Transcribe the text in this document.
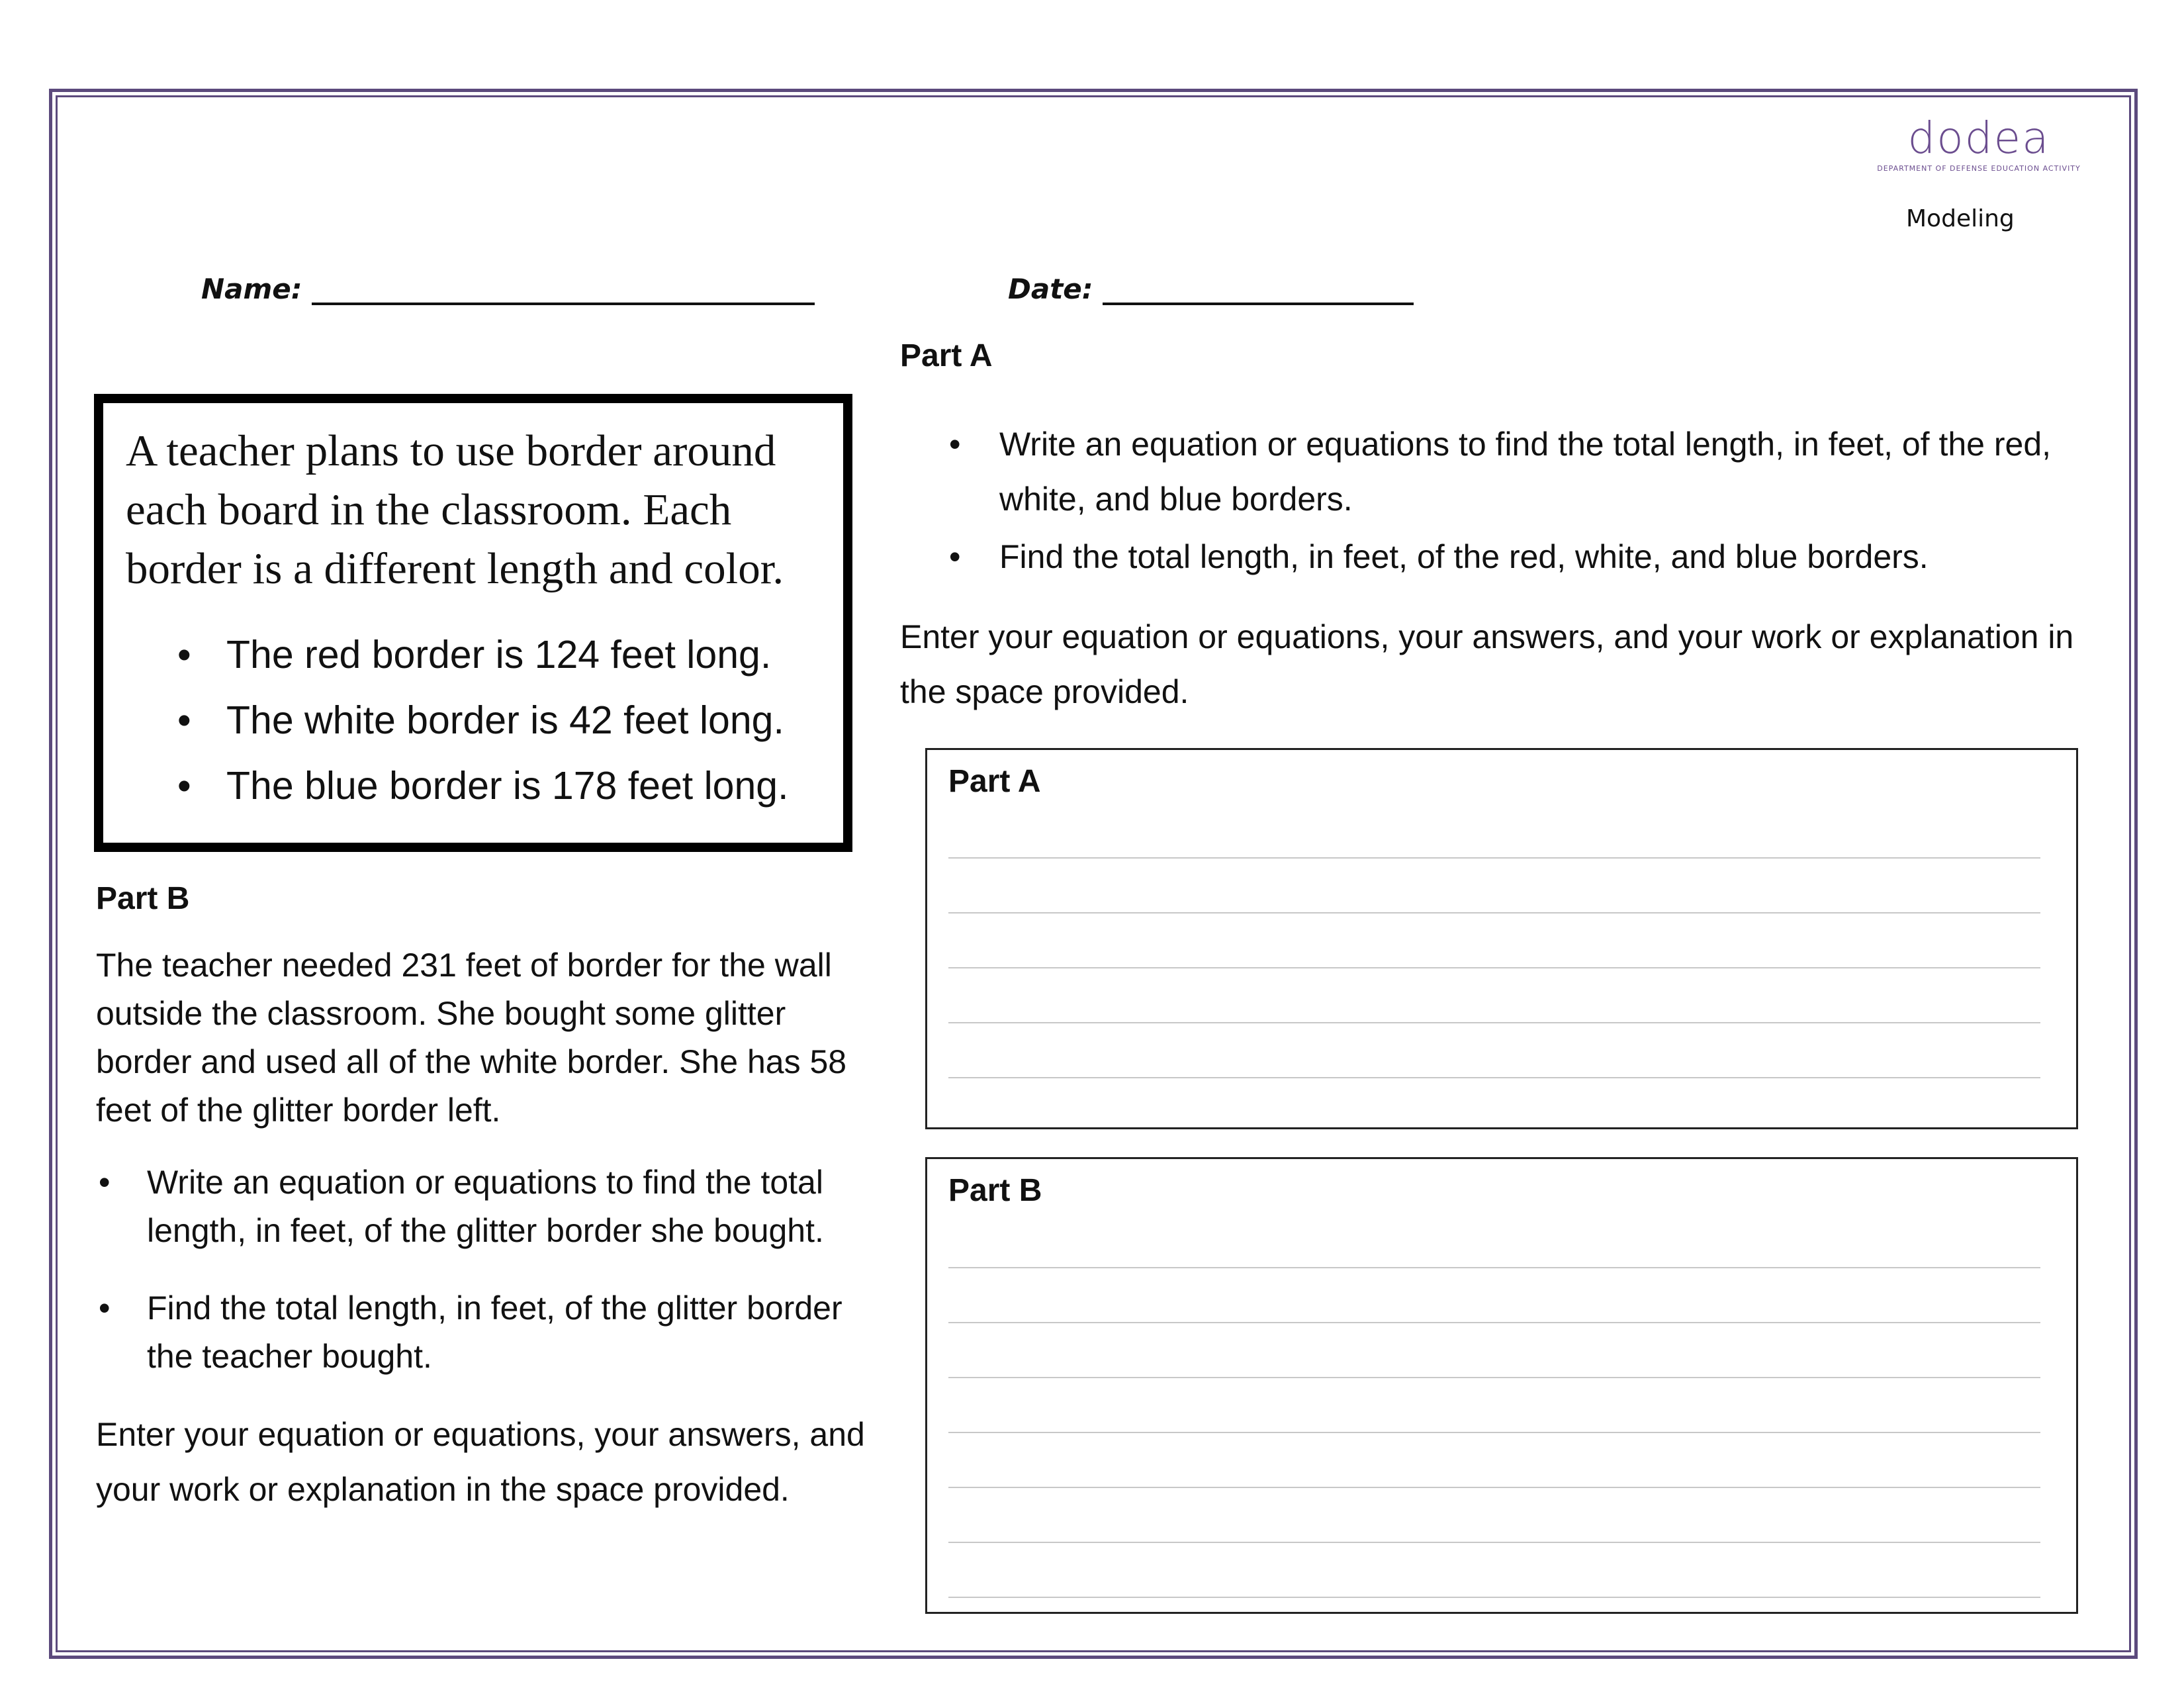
dodea
DEPARTMENT OF DEFENSE EDUCATION ACTIVITY
Modeling
Name:	Date:

A teacher plans to use border around each board in the classroom. Each border is a different length and color.

• The red border is 124 feet long.
• The white border is 42 feet long.
• The blue border is 178 feet long.

Part B

The teacher needed 231 feet of border for the wall outside the classroom. She bought some glitter border and used all of the white border. She has 58 feet of the glitter border left.

• Write an equation or equations to find the total length, in feet, of the glitter border she bought.
• Find the total length, in feet, of the glitter border the teacher bought.

Enter your equation or equations, your answers, and your work or explanation in the space provided.

Part A

• Write an equation or equations to find the total length, in feet, of the red, white, and blue borders.
• Find the total length, in feet, of the red, white, and blue borders.

Enter your equation or equations, your answers, and your work or explanation in the space provided.

Part A

Part B
